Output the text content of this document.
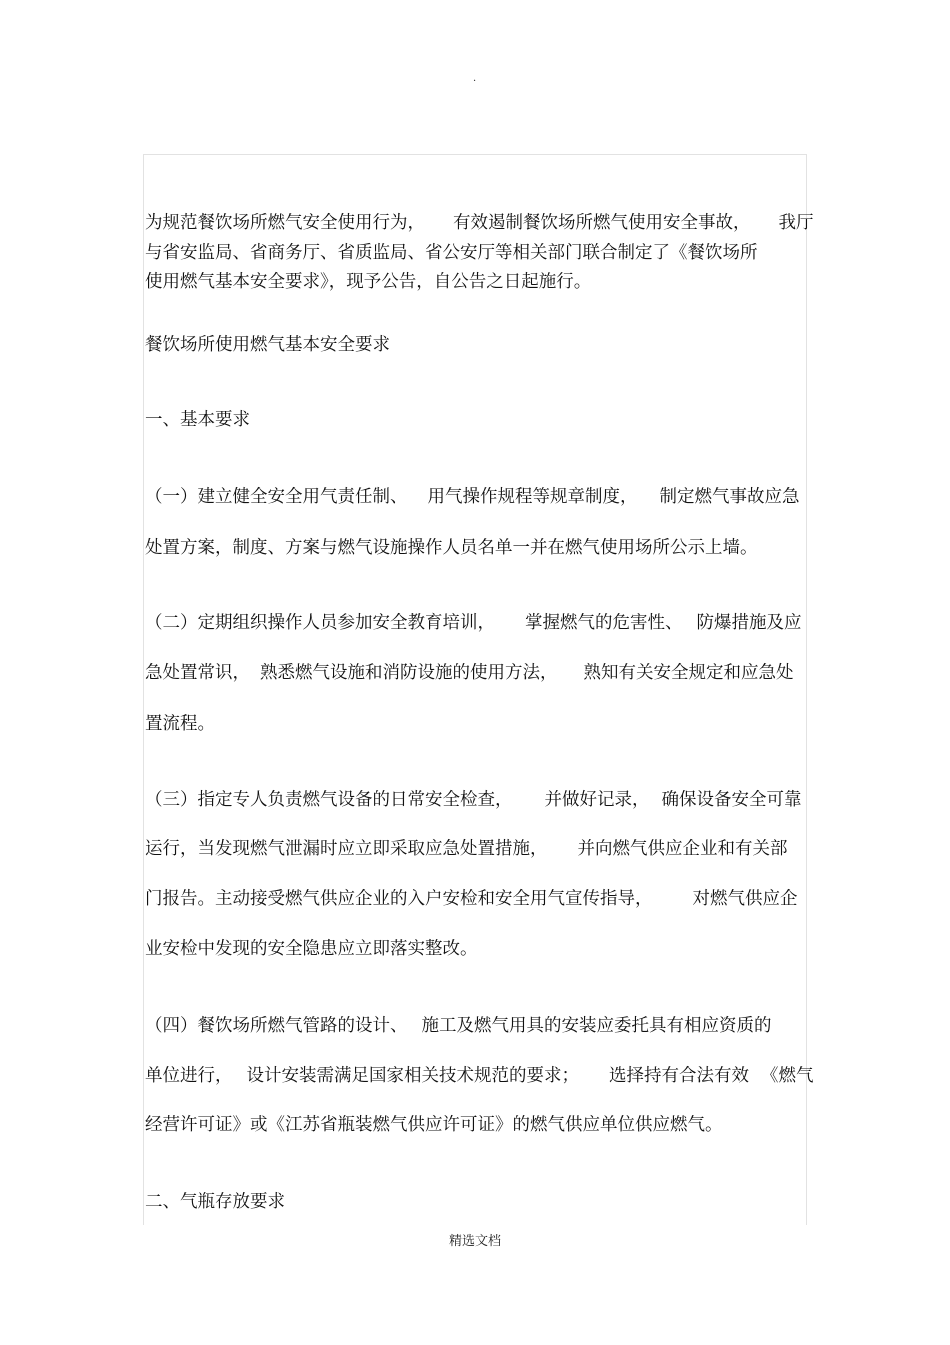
·
为规范餐饮场所燃气安全使用行为， 有效遏制餐饮场所燃气使用安全事故， 我厅
与省安监局、省商务厅、省质监局、省公安厅等相关部门联合制定了《餐饮场所
使用燃气基本安全要求》，现予公告，自公告之日起施行。
餐饮场所使用燃气基本安全要求
一、基本要求
（一）建立健全安全用气责任制、 用气操作规程等规章制度， 制定燃气事故应急
处置方案，制度、方案与燃气设施操作人员名单一并在燃气使用场所公示上墙。
（二）定期组织操作人员参加安全教育培训， 掌握燃气的危害性、 防爆措施及应
急处置常识， 熟悉燃气设施和消防设施的使用方法， 熟知有关安全规定和应急处
置流程。
（三）指定专人负责燃气设备的日常安全检查， 并做好记录， 确保设备安全可靠
运行，当发现燃气泄漏时应立即采取应急处置措施， 并向燃气供应企业和有关部
门报告。主动接受燃气供应企业的入户安检和安全用气宣传指导， 对燃气供应企
业安检中发现的安全隐患应立即落实整改。
（四）餐饮场所燃气管路的设计、 施工及燃气用具的安装应委托具有相应资质的
单位进行， 设计安装需满足国家相关技术规范的要求； 选择持有合法有效 《燃气
经营许可证》或《江苏省瓶装燃气供应许可证》的燃气供应单位供应燃气。
二、气瓶存放要求
精选文档
